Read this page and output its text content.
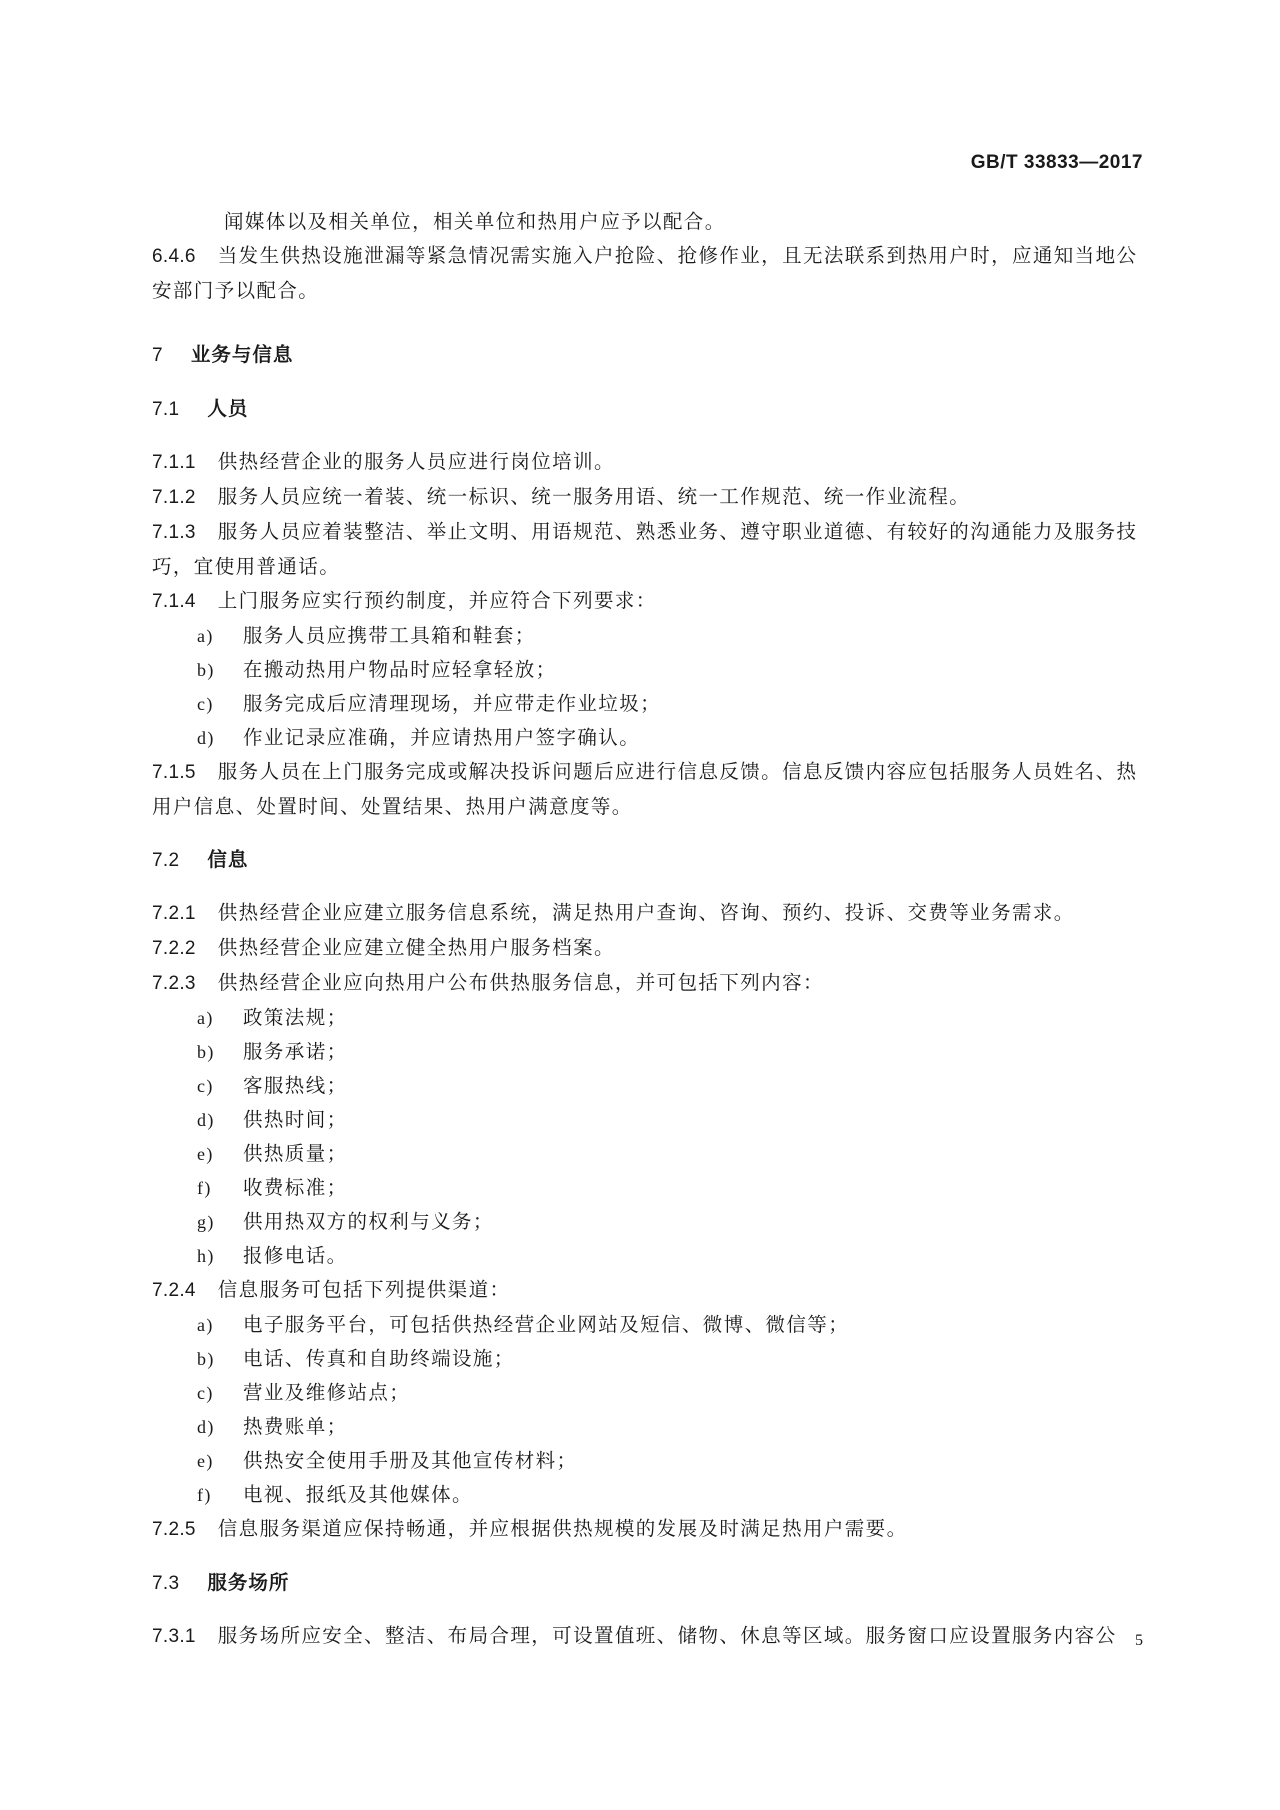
GB/T 33833—2017

闻媒体以及相关单位，相关单位和热用户应予以配合。

6.4.6 当发生供热设施泄漏等紧急情况需实施入户抢险、抢修作业，且无法联系到热用户时，应通知当地公安部门予以配合。

7 业务与信息
7.1 人员

7.1.1 供热经营企业的服务人员应进行岗位培训。

7.1.2 服务人员应统一着装、统一标识、统一服务用语、统一工作规范、统一作业流程。

7.1.3 服务人员应着装整洁、举止文明、用语规范、熟悉业务、遵守职业道德、有较好的沟通能力及服务技巧，宜使用普通话。

7.1.4 上门服务应实行预约制度，并应符合下列要求：

a) 服务人员应携带工具箱和鞋套；

b) 在搬动热用户物品时应轻拿轻放；

c) 服务完成后应清理现场，并应带走作业垃圾；

d) 作业记录应准确，并应请热用户签字确认。

7.1.5 服务人员在上门服务完成或解决投诉问题后应进行信息反馈。信息反馈内容应包括服务人员姓名、热用户信息、处置时间、处置结果、热用户满意度等。

7.2 信息

7.2.1 供热经营企业应建立服务信息系统，满足热用户查询、咨询、预约、投诉、交费等业务需求。

7.2.2 供热经营企业应建立健全热用户服务档案。

7.2.3 供热经营企业应向热用户公布供热服务信息，并可包括下列内容：

a) 政策法规；

b) 服务承诺；

c) 客服热线；

d) 供热时间；

e) 供热质量；

f) 收费标准；

g) 供用热双方的权利与义务；

h) 报修电话。

7.2.4 信息服务可包括下列提供渠道：

a) 电子服务平台，可包括供热经营企业网站及短信、微博、微信等；

b) 电话、传真和自助终端设施；

c) 营业及维修站点；

d) 热费账单；

e) 供热安全使用手册及其他宣传材料；

f) 电视、报纸及其他媒体。

7.2.5 信息服务渠道应保持畅通，并应根据供热规模的发展及时满足热用户需要。

7.3 服务场所

7.3.1 服务场所应安全、整洁、布局合理，可设置值班、储物、休息等区域。服务窗口应设置服务内容公	5
